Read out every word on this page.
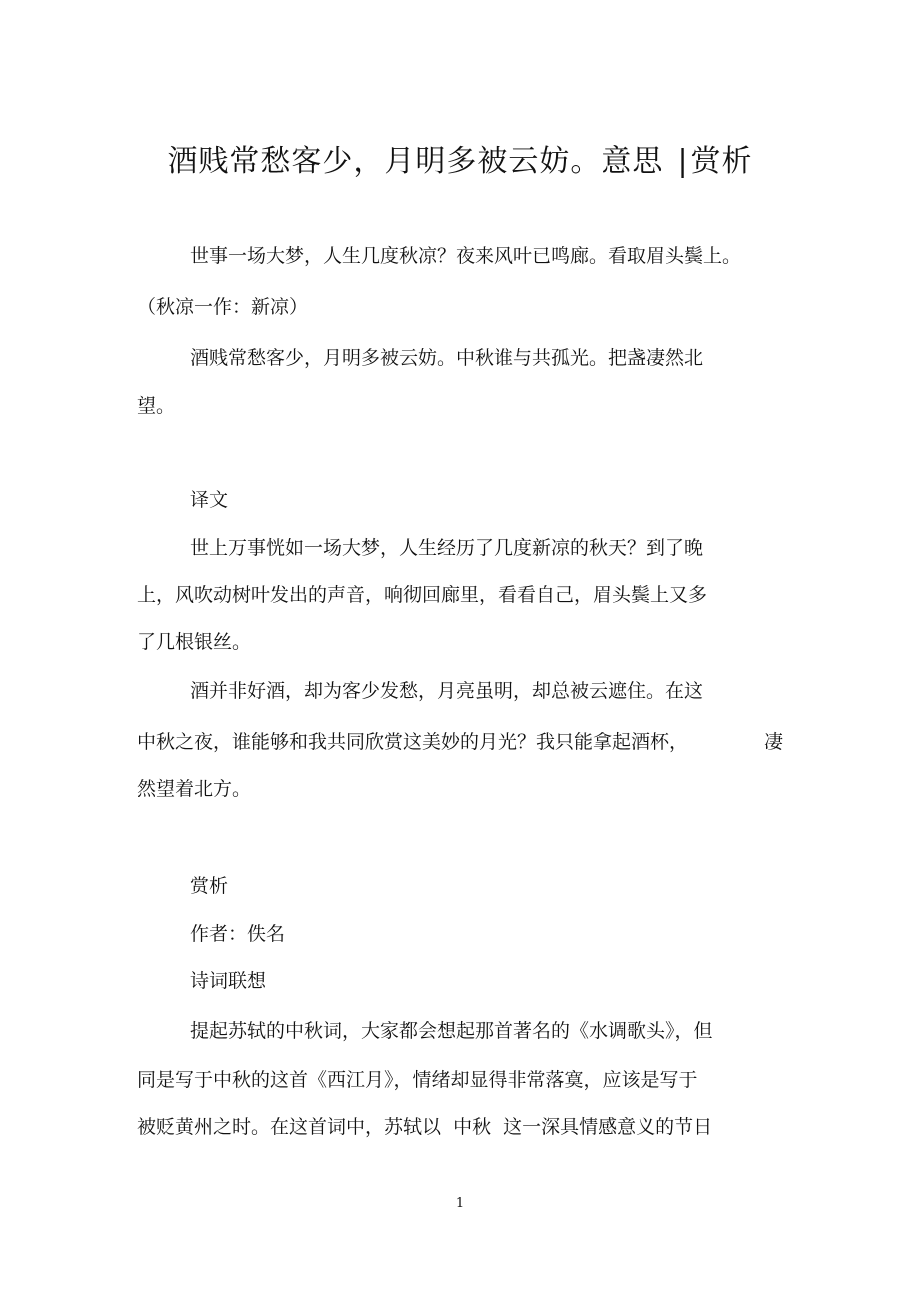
酒贱常愁客少，月明多被云妨。意思 |赏析
世事一场大梦，人生几度秋凉？夜来风叶已鸣廊。看取眉头鬓上。
（秋凉一作：新凉）
酒贱常愁客少，月明多被云妨。中秋谁与共孤光。把盏凄然北
望。
译文
世上万事恍如一场大梦，人生经历了几度新凉的秋天？到了晚
上，风吹动树叶发出的声音，响彻回廊里，看看自己，眉头鬓上又多
了几根银丝。
酒并非好酒，却为客少发愁，月亮虽明，却总被云遮住。在这
中秋之夜，谁能够和我共同欣赏这美妙的月光？我只能拿起酒杯，	凄
然望着北方。
赏析
作者：佚名
诗词联想
提起苏轼的中秋词，大家都会想起那首著名的《水调歌头》，但
同是写于中秋的这首《西江月》，情绪却显得非常落寞，应该是写于
被贬黄州之时。在这首词中，苏轼以  中秋  这一深具情感意义的节日
1
